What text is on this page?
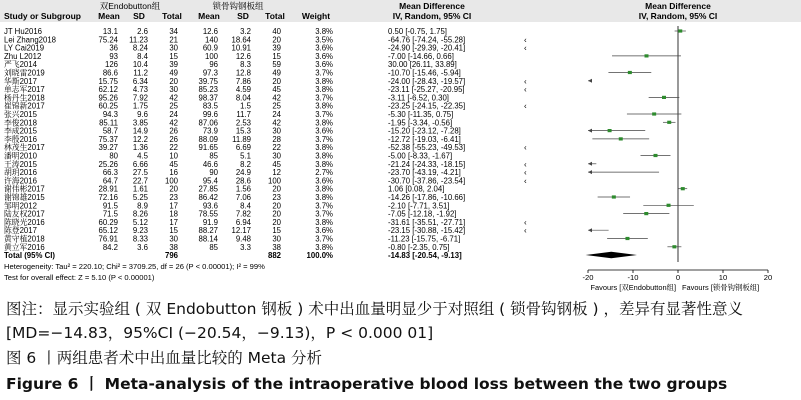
双Endobutton组	锁骨钩钢板组	Mean Difference	Mean Difference
Study or Subgroup Mean SD Total Mean SD Total Weight	IV, Random, 95% CI	IV, Random, 95% CI
JT Hu2016	13.1 2.6	34	12.6	3.2	40	3.8%	0.50 [-0.75, 1.75]
Lei Zhang2018	75.24 11.23	21	140 18.64	20	3.5%	-64.76 [-74.24, -55.28]
LY Cai2019	36 8.24	30	60.9 10.91	39	3.6%	-24.90 [-29.39, -20.41]
Zhu L2012	93 8.4	15	100 12.6	15	3.6%	-7.00 [-14.66, 0.66]
严飞2014	126 10.4	39	96	8.3	59	3.6%	30.00 [26.11, 33.89]
刘晓雷2019	86.6 11.2	49	97.3 12.8	49	3.7%	-10.70 [-15.46, -5.94]
华斯2017	15.75 6.34	20	39.75 7.86	20	3.8%	-24.00 [-28.43, -19.57]
单志军2017	62.12 4.73	30	85.23 4.59	45	3.8%	-23.11 [-25.27, -20.95]
杨丹生2018	95.26 7.92	42	98.37 8.04	42	3.7%	-3.11 [-6.52, 0.30]
崔锦新2017	60.25 1.75	25	83.5	1.5	25	3.8%	-23.25 [-24.15, -22.35]
张兴2015	94.3 9.6	24	99.6 11.7	24	3.7%	-5.30 [-11.35, 0.75]
李俊2018	85.11 3.85	42	87.06 2.53	42	3.8%	-1.95 [-3.34, -0.56]
李成2015	58.7 14.9	26	73.9 15.3	30	3.6%	-15.20 [-23.12, -7.28]
李殷2016	75.37 12.2	26	88.09 11.89	28	3.7%	-12.72 [-19.03, -6.41]
林茂生2017	39.27 1.36	22	91.65 6.69	22	3.8%	-52.38 [-55.23, -49.53]
潘明2010	80 4.5	10	85	5.1	30	3.8%	-5.00 [-8.33, -1.67]
王涛2015	25.26 6.66	45	46.6	8.2	45	3.8%	-21.24 [-24.33, -18.15]
胡玥2016	66.3 27.5	16	90 24.9	12	2.7%	-23.70 [-43.19, -4.21]
许海2016	64.7 22.7 100	95.4 28.6 100	3.6%	-30.70 [-37.86, -23.54]
谢伟彬2017	28.91 1.61	20	27.85 1.56	20	3.8%	1.06 [0.08, 2.04]
谢锦雄2015	72.16 5.25	23	86.42 7.06	23	3.8%	-14.26 [-17.86, -10.66]
邹明2012	91.5 8.9	17	93.6	8.4	20	3.7%	-2.10 [-7.71, 3.51]
陆友权2017	71.5 8.26	18	78.55 7.82	20	3.7%	-7.05 [-12.18, -1.92]
陈晓光2016	60.29 5.12	17	91.9 6.94	20	3.8%	-31.61 [-35.51, -27.71]
陈登2017	65.12 9.23	15	88.27 12.17	15	3.6%	-23.15 [-30.88, -15.42]
黄守植2018	76.91 8.33	30	88.14 9.48	30	3.7%	-11.23 [-15.75, -6.71]
黄立军2016	84.2 3.6	38	85	3.3	38	3.8%	-0.80 [-2.35, 0.75]
Total (95% CI)	796	882	100.0%	-14.83 [-20.54, -9.13]
‹
‹
‹
‹
‹
‹
‹
‹
‹
‹
‹
-20	-10	0	10	20
Heterogeneity: Tau² = 220.10; Chi² = 3709.25, df = 26 (P < 0.00001); I² = 99%
Test for overall effect: Z = 5.10 (P < 0.00001)
Favours [双Endobutton组] Favours [锁骨钩钢板组]
图注：显示实验组 ( 双 Endobutton 钢板 ) 术中出血量明显少于对照组 ( 锁骨钩钢板 ) ，差异有显著性意义 [MD=−14.83，95%CI (−20.54，−9.13)，P < 0.000 01]
图 6 丨两组患者术中出血量比较的 Meta 分析
Figure 6 丨 Meta-analysis of the intraoperative blood loss between the two groups
